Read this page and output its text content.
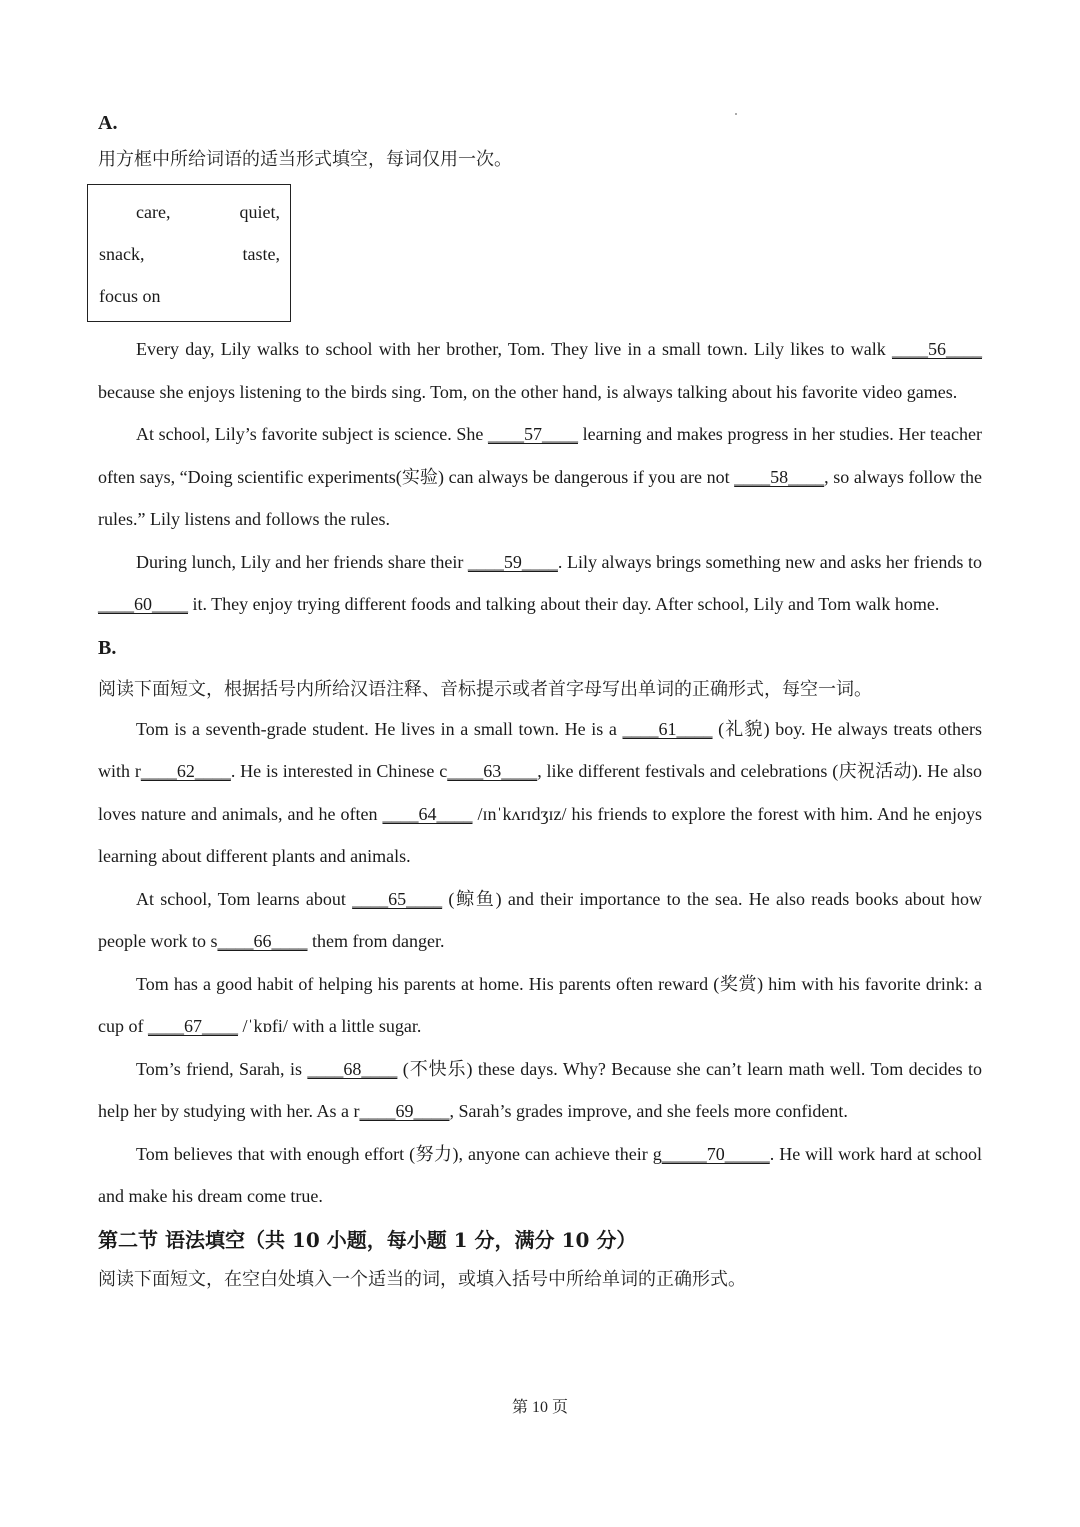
A.

用方框中所给词语的适当形式填空，每词仅用一次。

care,	quiet,
snack,	taste,
focus on

Every day, Lily walks to school with her brother, Tom. They live in a small town. Lily likes to walk ____56____ because she enjoys listening to the birds sing. Tom, on the other hand, is always talking about his favorite video games.

At school, Lily’s favorite subject is science. She ____57____ learning and makes progress in her studies. Her teacher often says, “Doing scientific experiments(实验) can always be dangerous if you are not ____58____, so always follow the rules.” Lily listens and follows the rules.

During lunch, Lily and her friends share their ____59____. Lily always brings something new and asks her friends to ____60____ it. They enjoy trying different foods and talking about their day. After school, Lily and Tom walk home.

B.

阅读下面短文，根据括号内所给汉语注释、音标提示或者首字母写出单词的正确形式，每空一词。

Tom is a seventh-grade student. He lives in a small town. He is a ____61____ (礼貌) boy. He always treats others with r____62____. He is interested in Chinese c____63____, like different festivals and celebrations (庆祝活动). He also loves nature and animals, and he often ____64____ /ɪnˈkʌrɪdʒɪz/ his friends to explore the forest with him. And he enjoys learning about different plants and animals.

At school, Tom learns about ____65____ (鲸鱼) and their importance to the sea. He also reads books about how people work to s____66____ them from danger.

Tom has a good habit of helping his parents at home. His parents often reward (奖赏) him with his favorite drink: a cup of ____67____ /ˈkɒfi/ with a little sugar.

Tom’s friend, Sarah, is ____68____ (不快乐) these days. Why? Because she can’t learn math well. Tom decides to help her by studying with her. As a r____69____, Sarah’s grades improve, and she feels more confident.

Tom believes that with enough effort (努力), anyone can achieve their g_____70_____. He will work hard at school and make his dream come true.

第二节 语法填空（共 10 小题，每小题 1 分，满分 10 分）

阅读下面短文，在空白处填入一个适当的词，或填入括号中所给单词的正确形式。

第 10 页
